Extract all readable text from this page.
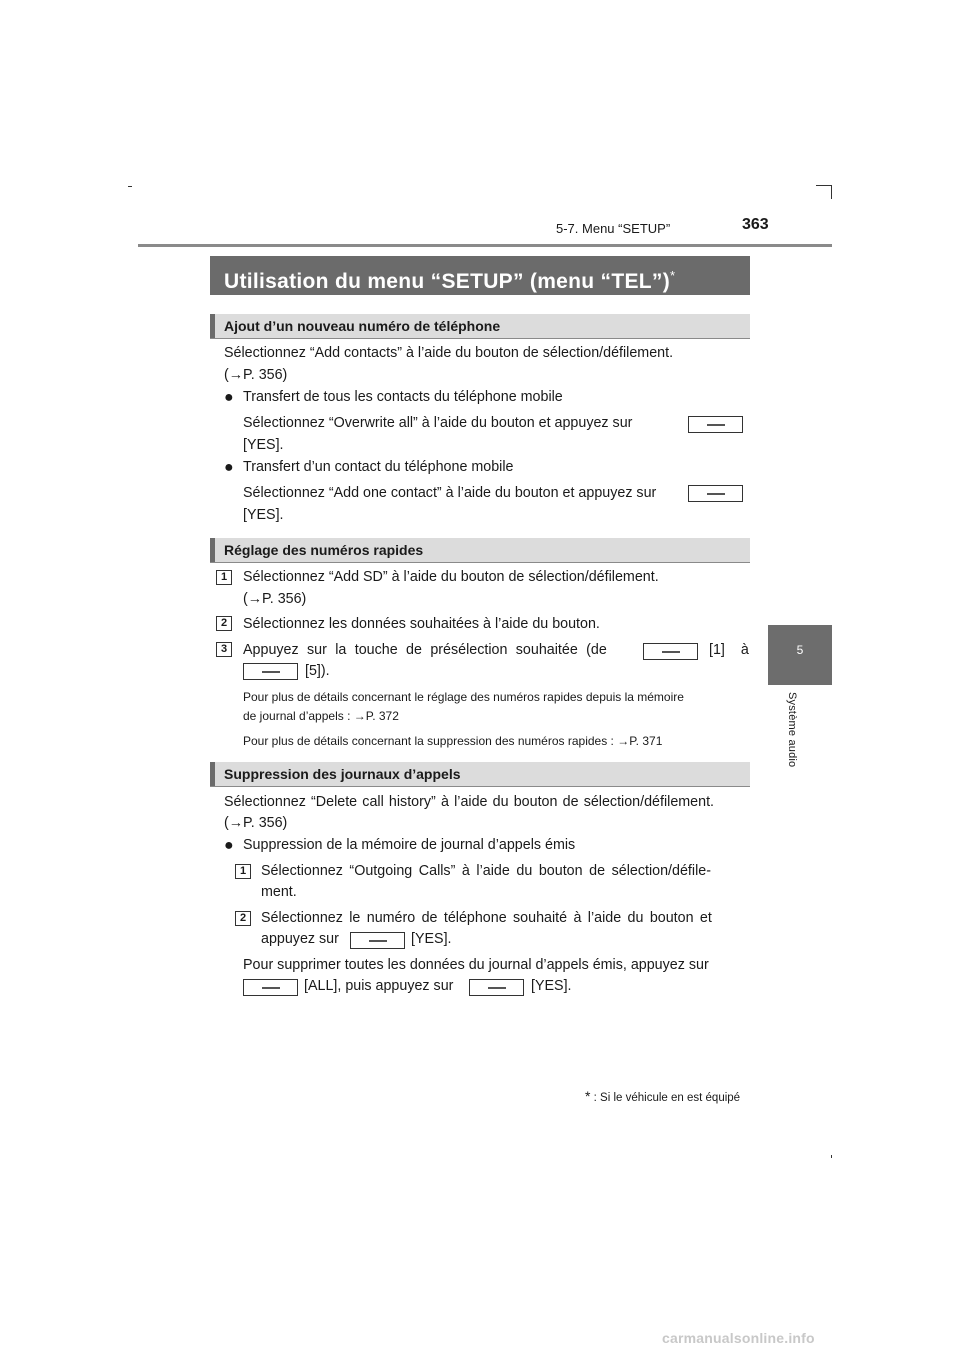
5-7. Menu “SETUP”	363
5
Système audio
Utilisation du menu “SETUP” (menu “TEL”)*
Ajout d’un nouveau numéro de téléphone
Sélectionnez “Add contacts” à l’aide du bouton de sélection/défilement.
(→P. 356)
● Transfert de tous les contacts du téléphone mobile
Sélectionnez “Overwrite all” à l’aide du bouton et appuyez sur
[YES].
● Transfert d’un contact du téléphone mobile
Sélectionnez “Add one contact” à l’aide du bouton et appuyez sur
[YES].
Réglage des numéros rapides
1	Sélectionnez “Add SD” à l’aide du bouton de sélection/défilement.
(→P. 356)
2	Sélectionnez les données souhaitées à l’aide du bouton.
3	Appuyez sur la touche de présélection souhaitée (de	[1] à
[5]).
Pour plus de détails concernant le réglage des numéros rapides depuis la mémoire
de journal d’appels : →P. 372
Pour plus de détails concernant la suppression des numéros rapides : →P. 371
Suppression des journaux d’appels
Sélectionnez “Delete call history” à l’aide du bouton de sélection/défilement.
(→P. 356)
● Suppression de la mémoire de journal d’appels émis
1	Sélectionnez “Outgoing Calls” à l’aide du bouton de sélection/défile-
ment.
2	Sélectionnez le numéro de téléphone souhaité à l’aide du bouton et
appuyez sur	[YES].
Pour supprimer toutes les données du journal d’appels émis, appuyez sur
[ALL], puis appuyez sur	[YES].
* : Si le véhicule en est équipé
carmanualsonline.info
